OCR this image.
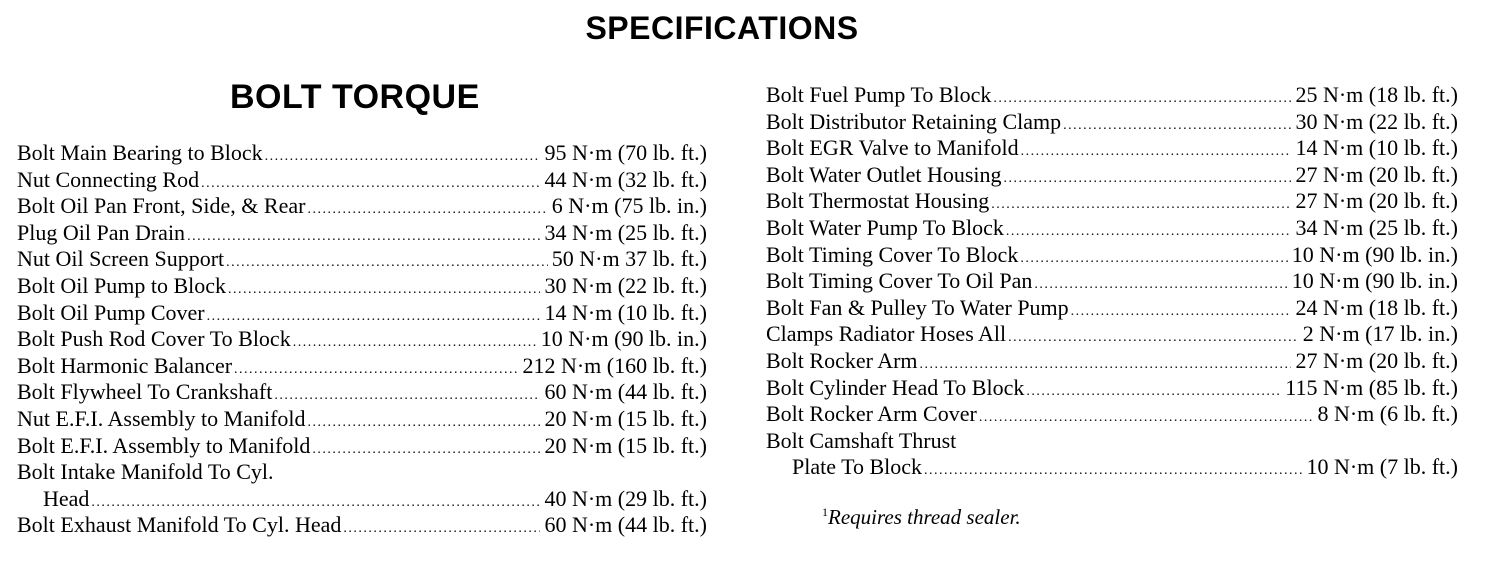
SPECIFICATIONS
BOLT TORQUE
Bolt Main Bearing to Block .....	95 N·m (70 lb. ft.)
Nut Connecting Rod .....	44 N·m (32 lb. ft.)
Bolt Oil Pan Front, Side, & Rear .....	6 N·m (75 lb. in.)
Plug Oil Pan Drain .....	34 N·m (25 lb. ft.)
Nut Oil Screen Support .....	50 N·m 37 lb. ft.)
Bolt Oil Pump to Block .....	30 N·m (22 lb. ft.)
Bolt Oil Pump Cover .....	14 N·m (10 lb. ft.)
Bolt Push Rod Cover To Block .....	10 N·m (90 lb. in.)
Bolt Harmonic Balancer .....	212 N·m (160 lb. ft.)
Bolt Flywheel To Crankshaft .....	60 N·m (44 lb. ft.)
Nut E.F.I. Assembly to Manifold .....	20 N·m (15 lb. ft.)
Bolt E.F.I. Assembly to Manifold .....	20 N·m (15 lb. ft.)
Bolt Intake Manifold To Cyl.
Head .....	40 N·m (29 lb. ft.)
Bolt Exhaust Manifold To Cyl. Head .....	60 N·m (44 lb. ft.)
Bolt Fuel Pump To Block .....	25 N·m (18 lb. ft.)
Bolt Distributor Retaining Clamp .....	30 N·m (22 lb. ft.)
Bolt EGR Valve to Manifold .....	14 N·m (10 lb. ft.)
Bolt Water Outlet Housing .....	27 N·m (20 lb. ft.)
Bolt Thermostat Housing .....	27 N·m (20 lb. ft.)
Bolt Water Pump To Block .....	34 N·m (25 lb. ft.)
Bolt Timing Cover To Block .....	10 N·m (90 lb. in.)
Bolt Timing Cover To Oil Pan .....	10 N·m (90 lb. in.)
Bolt Fan & Pulley To Water Pump .....	24 N·m (18 lb. ft.)
Clamps Radiator Hoses All .....	2 N·m (17 lb. in.)
Bolt Rocker Arm .....	27 N·m (20 lb. ft.)
Bolt Cylinder Head To Block .....	115 N·m (85 lb. ft.)
Bolt Rocker Arm Cover .....	8 N·m (6 lb. ft.)
Bolt Camshaft Thrust
Plate To Block .....	10 N·m (7 lb. ft.)
$^1$Requires thread sealer.
